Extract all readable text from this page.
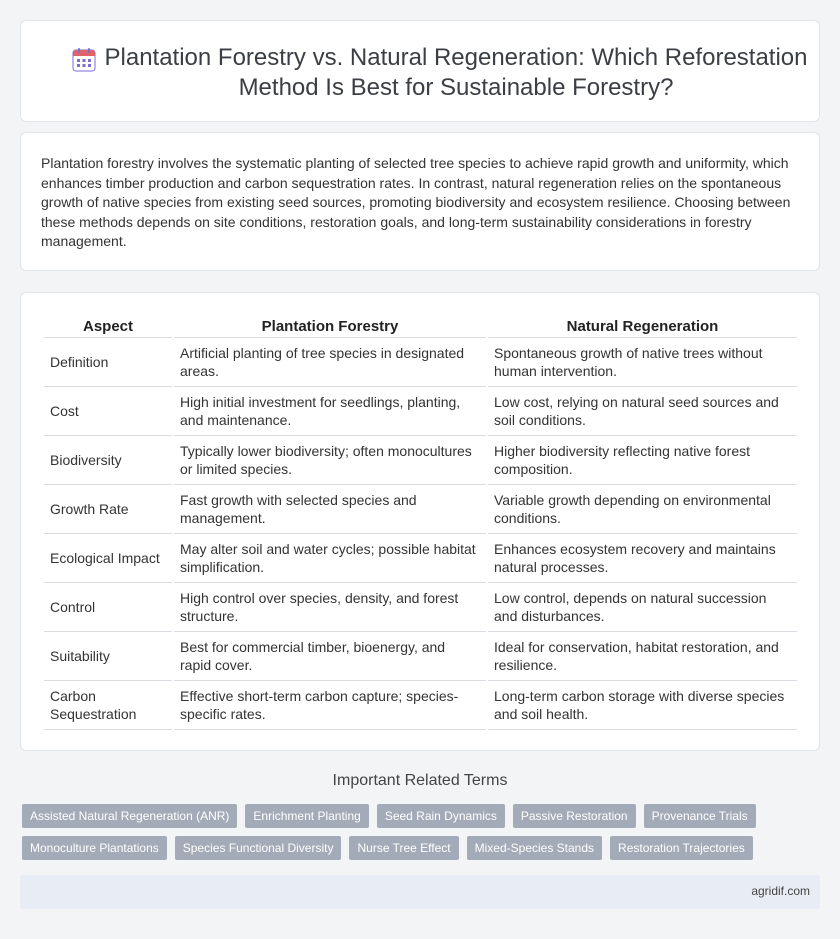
Plantation Forestry vs. Natural Regeneration: Which Reforestation Method Is Best for Sustainable Forestry?

Plantation forestry involves the systematic planting of selected tree species to achieve rapid growth and uniformity, which enhances timber production and carbon sequestration rates. In contrast, natural regeneration relies on the spontaneous growth of native species from existing seed sources, promoting biodiversity and ecosystem resilience. Choosing between these methods depends on site conditions, restoration goals, and long-term sustainability considerations in forestry management.

Aspect	Plantation Forestry	Natural Regeneration
Definition	Artificial planting of tree species in designated areas.	Spontaneous growth of native trees without human intervention.
Cost	High initial investment for seedlings, planting, and maintenance.	Low cost, relying on natural seed sources and soil conditions.
Biodiversity	Typically lower biodiversity; often monocultures or limited species.	Higher biodiversity reflecting native forest composition.
Growth Rate	Fast growth with selected species and management.	Variable growth depending on environmental conditions.
Ecological Impact	May alter soil and water cycles; possible habitat simplification.	Enhances ecosystem recovery and maintains natural processes.
Control	High control over species, density, and forest structure.	Low control, depends on natural succession and disturbances.
Suitability	Best for commercial timber, bioenergy, and rapid cover.	Ideal for conservation, habitat restoration, and resilience.
Carbon Sequestration	Effective short-term carbon capture; species-specific rates.	Long-term carbon storage with diverse species and soil health.
Important Related Terms
Assisted Natural Regeneration (ANR)	Enrichment Planting	Seed Rain Dynamics	Passive Restoration	Provenance Trials
Monoculture Plantations	Species Functional Diversity	Nurse Tree Effect	Mixed-Species Stands	Restoration Trajectories
agridif.com
